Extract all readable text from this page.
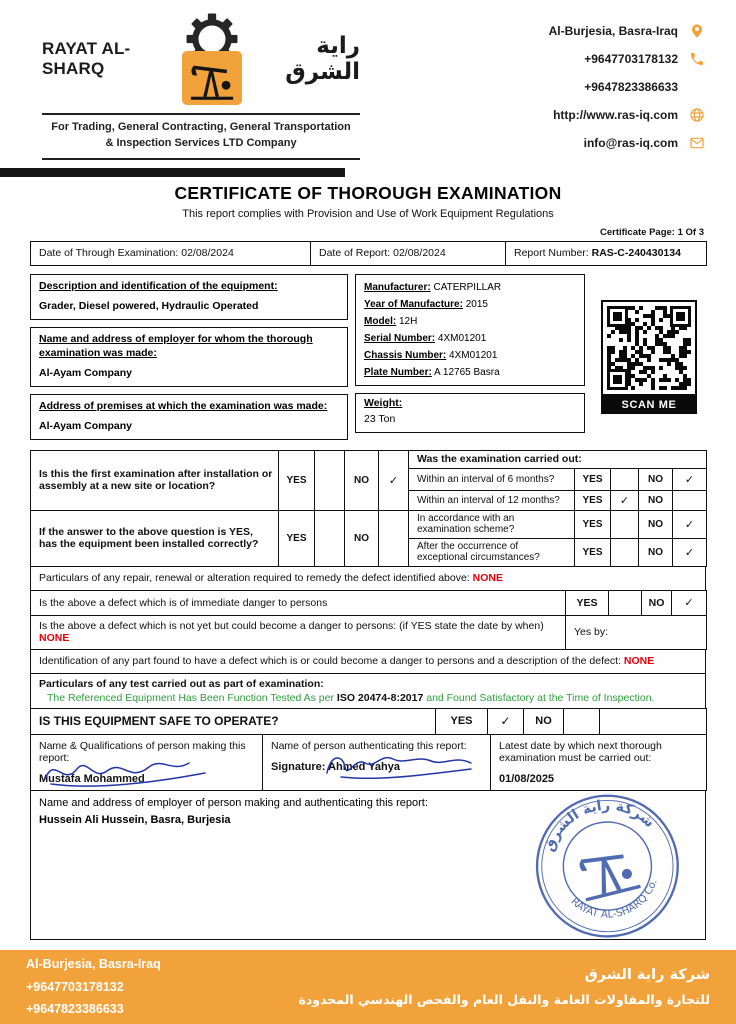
RAYAT AL-SHARQ
راية الشرق
For Trading, General Contracting, General Transportation
& Inspection Services LTD Company
Al-Burjesia, Basra-Iraq
+9647703178132
+9647823386633
http://www.ras-iq.com
info@ras-iq.com
CERTIFICATE OF THOROUGH EXAMINATION

This report complies with Provision and Use of Work Equipment Regulations

Certificate Page: 1 Of 3
Date of Through Examination: 02/08/2024	Date of Report: 02/08/2024	Report Number: RAS-C-240430134
Description and identification of the equipment:
Grader, Diesel powered, Hydraulic Operated
Name and address of employer for whom the thorough examination was made:
Al-Ayam Company
Address of premises at which the examination was made:
Al-Ayam Company
Manufacturer: CATERPILLAR
Year of Manufacture: 2015
Model: 12H
Serial Number: 4XM01201
Chassis Number: 4XM01201
Plate Number: A 12765 Basra
Weight:
23 Ton
SCAN ME
Is this the first examination after installation or assembly at a new site or location?	YES		NO	✓	Was the examination carried out:				
					Within an interval of 6 months?	YES		NO	✓
					Within an interval of 12 months?	YES	✓	NO	
If the answer to the above question is YES, has the equipment been installed correctly?	YES		NO		In accordance with an examination scheme?	YES		NO	✓
					After the occurrence of exceptional circumstances?	YES		NO	✓
Particulars of any repair, renewal or alteration required to remedy the defect identified above: NONE
Is the above a defect which is of immediate danger to persons	YES		NO	✓
Is the above a defect which is not yet but could become a danger to persons: (if YES state the date by when) NONE	Yes by:
Identification of any part found to have a defect which is or could become a danger to persons and a description of the defect: NONE
Particulars of any test carried out as part of examination:
The Referenced Equipment Has Been Function Tested As per ISO 20474-8:2017 and Found Satisfactory at the Time of Inspection.
IS THIS EQUIPMENT SAFE TO OPERATE?	YES	✓	NO		
Name & Qualifications of person making this report:
Mustafa Mohammed

Name of person authenticating this report:
Signature: Ahmed Yahya

Latest date by which next thorough examination must be carried out:
01/08/2025
Name and address of employer of person making and authenticating this report:
Hussein Ali Hussein, Basra, Burjesia
شركة راية الشرق
RAYAT AL-SHARQ Co.
Al-Burjesia, Basra-Iraq
+9647703178132
+9647823386633
شركة راية الشرق
للتجارة والمقاولات العامة والنقل العام والفحص الهندسي المحدودة
